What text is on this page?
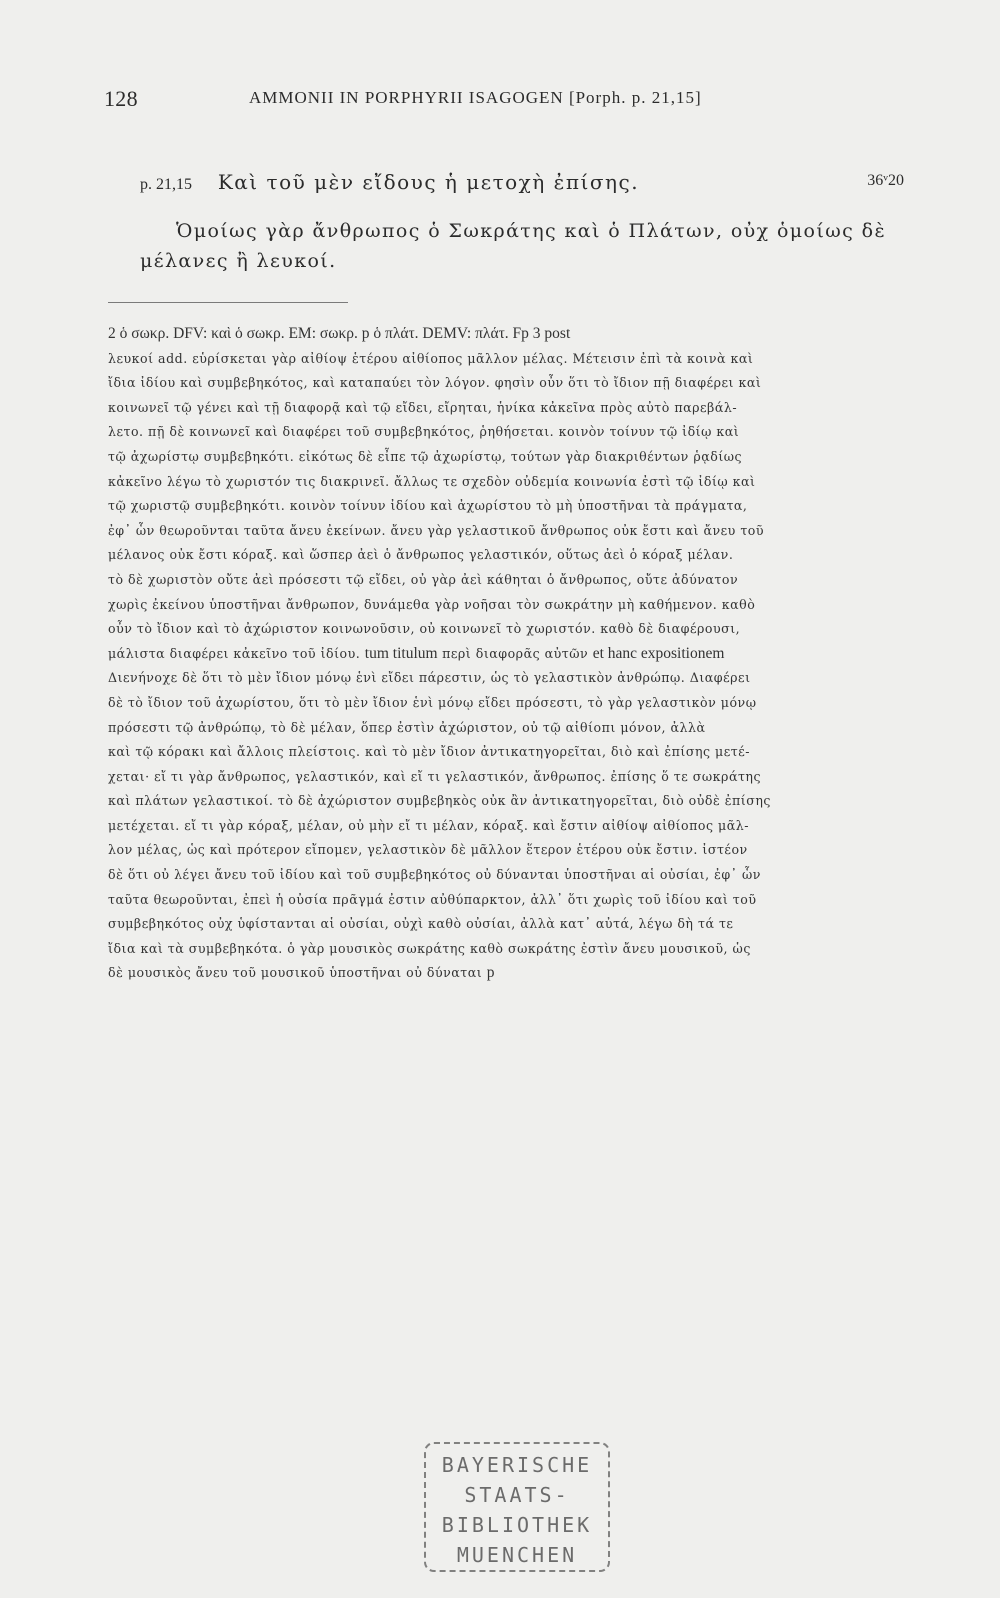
128	AMMONII IN PORPHYRII ISAGOGEN [Porph. p. 21,15]
p. 21,15 Καὶ τοῦ μὲν εἴδους ἡ μετοχὴ ἐπίσης.	36ᵛ20
Ὁμοίως γὰρ ἄνθρωπος ὁ Σωκράτης καὶ ὁ Πλάτων, οὐχ ὁμοίως δὲ μέλανες ἢ λευκοί.
2 ὁ σωκρ. DFV: καὶ ὁ σωκρ. EM: σωκρ. p ὁ πλάτ. DEMV: πλάτ. Fp 3 post
λευκοί add. εὑρίσκεται γὰρ αἰθίοψ ἑτέρου αἰθίοπος μᾶλλον μέλας. Μέτεισιν ἐπὶ τὰ κοινὰ καὶ
ἴδια ἰδίου καὶ συμβεβηκότος, καὶ καταπαύει τὸν λόγον. φησὶν οὖν ὅτι τὸ ἴδιον πῇ διαφέρει καὶ
κοινωνεῖ τῷ γένει καὶ τῇ διαφορᾷ καὶ τῷ εἴδει, εἴρηται, ἡνίκα κἀκεῖνα πρὸς αὐτὸ παρεβάλ-
λετο. πῇ δὲ κοινωνεῖ καὶ διαφέρει τοῦ συμβεβηκότος, ῥηθήσεται. κοινὸν τοίνυν τῷ ἰδίῳ καὶ
τῷ ἀχωρίστῳ συμβεβηκότι. εἰκότως δὲ εἶπε τῷ ἀχωρίστῳ, τούτων γὰρ διακριθέντων ῥᾳδίως
κἀκεῖνο λέγω τὸ χωριστόν τις διακρινεῖ. ἄλλως τε σχεδὸν οὐδεμία κοινωνία ἐστὶ τῷ ἰδίῳ καὶ
τῷ χωριστῷ συμβεβηκότι. κοινὸν τοίνυν ἰδίου καὶ ἀχωρίστου τὸ μὴ ὑποστῆναι τὰ πράγματα,
ἐφ᾽ ὧν θεωροῦνται ταῦτα ἄνευ ἐκείνων. ἄνευ γὰρ γελαστικοῦ ἄνθρωπος οὐκ ἔστι καὶ ἄνευ τοῦ
μέλανος οὐκ ἔστι κόραξ. καὶ ὥσπερ ἀεὶ ὁ ἄνθρωπος γελαστικόν, οὕτως ἀεὶ ὁ κόραξ μέλαν.
τὸ δὲ χωριστὸν οὔτε ἀεὶ πρόσεστι τῷ εἴδει, οὐ γὰρ ἀεὶ κάθηται ὁ ἄνθρωπος, οὔτε ἀδύνατον
χωρὶς ἐκείνου ὑποστῆναι ἄνθρωπον, δυνάμεθα γὰρ νοῆσαι τὸν σωκράτην μὴ καθήμενον. καθὸ
οὖν τὸ ἴδιον καὶ τὸ ἀχώριστον κοινωνοῦσιν, οὐ κοινωνεῖ τὸ χωριστόν. καθὸ δὲ διαφέρουσι,
μάλιστα διαφέρει κἀκεῖνο τοῦ ἰδίου. tum titulum περὶ διαφορᾶς αὐτῶν et hanc expositionem
Διενήνοχε δὲ ὅτι τὸ μὲν ἴδιον μόνῳ ἑνὶ εἴδει πάρεστιν, ὡς τὸ γελαστικὸν ἀνθρώπῳ. Διαφέρει
δὲ τὸ ἴδιον τοῦ ἀχωρίστου, ὅτι τὸ μὲν ἴδιον ἑνὶ μόνῳ εἴδει πρόσεστι, τὸ γὰρ γελαστικὸν μόνῳ
πρόσεστι τῷ ἀνθρώπῳ, τὸ δὲ μέλαν, ὅπερ ἐστὶν ἀχώριστον, οὐ τῷ αἰθίοπι μόνον, ἀλλὰ
καὶ τῷ κόρακι καὶ ἄλλοις πλείστοις. καὶ τὸ μὲν ἴδιον ἀντικατηγορεῖται, διὸ καὶ ἐπίσης μετέ-
χεται· εἴ τι γὰρ ἄνθρωπος, γελαστικόν, καὶ εἴ τι γελαστικόν, ἄνθρωπος. ἐπίσης ὅ τε σωκράτης
καὶ πλάτων γελαστικοί. τὸ δὲ ἀχώριστον συμβεβηκὸς οὐκ ἂν ἀντικατηγορεῖται, διὸ οὐδὲ ἐπίσης
μετέχεται. εἴ τι γὰρ κόραξ, μέλαν, οὐ μὴν εἴ τι μέλαν, κόραξ. καὶ ἔστιν αἰθίοψ αἰθίοπος μᾶλ-
λον μέλας, ὡς καὶ πρότερον εἴπομεν, γελαστικὸν δὲ μᾶλλον ἕτερον ἑτέρου οὐκ ἔστιν. ἰστέον
δὲ ὅτι οὐ λέγει ἄνευ τοῦ ἰδίου καὶ τοῦ συμβεβηκότος οὐ δύνανται ὑποστῆναι αἱ οὐσίαι, ἐφ᾽ ὧν
ταῦτα θεωροῦνται, ἐπεὶ ἡ οὐσία πρᾶγμά ἐστιν αὐθύπαρκτον, ἀλλ᾽ ὅτι χωρὶς τοῦ ἰδίου καὶ τοῦ
συμβεβηκότος οὐχ ὑφίστανται αἱ οὐσίαι, οὐχὶ καθὸ οὐσίαι, ἀλλὰ κατ᾽ αὐτά, λέγω δὴ τά τε
ἴδια καὶ τὰ συμβεβηκότα. ὁ γὰρ μουσικὸς σωκράτης καθὸ σωκράτης ἐστὶν ἄνευ μουσικοῦ, ὡς
δὲ μουσικὸς ἄνευ τοῦ μουσικοῦ ὑποστῆναι οὐ δύναται p
BAYERISCHE
STAATS-
BIBLIOTHEK
MUENCHEN
